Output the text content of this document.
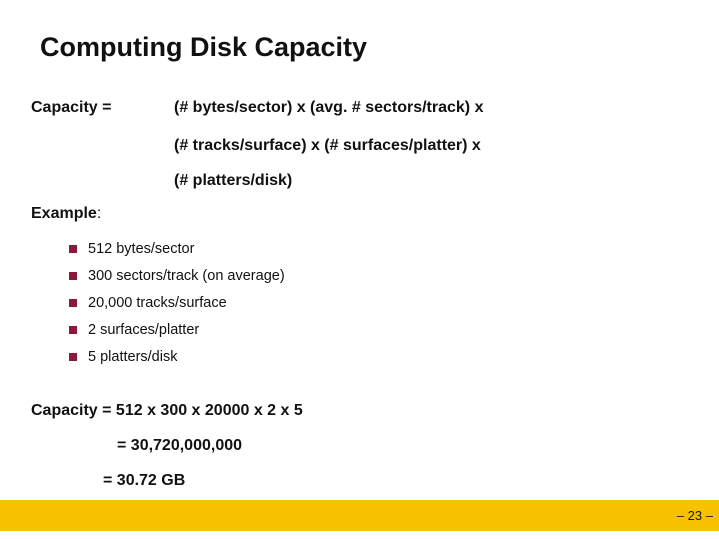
Computing Disk Capacity
Capacity =	(# bytes/sector) x (avg. # sectors/track) x
(# tracks/surface) x (# surfaces/platter) x
(# platters/disk)
Example:
512 bytes/sector
300 sectors/track (on average)
20,000 tracks/surface
2 surfaces/platter
5 platters/disk
Capacity = 512 x 300 x 20000 x 2 x 5
= 30,720,000,000
= 30.72 GB
– 23 –
